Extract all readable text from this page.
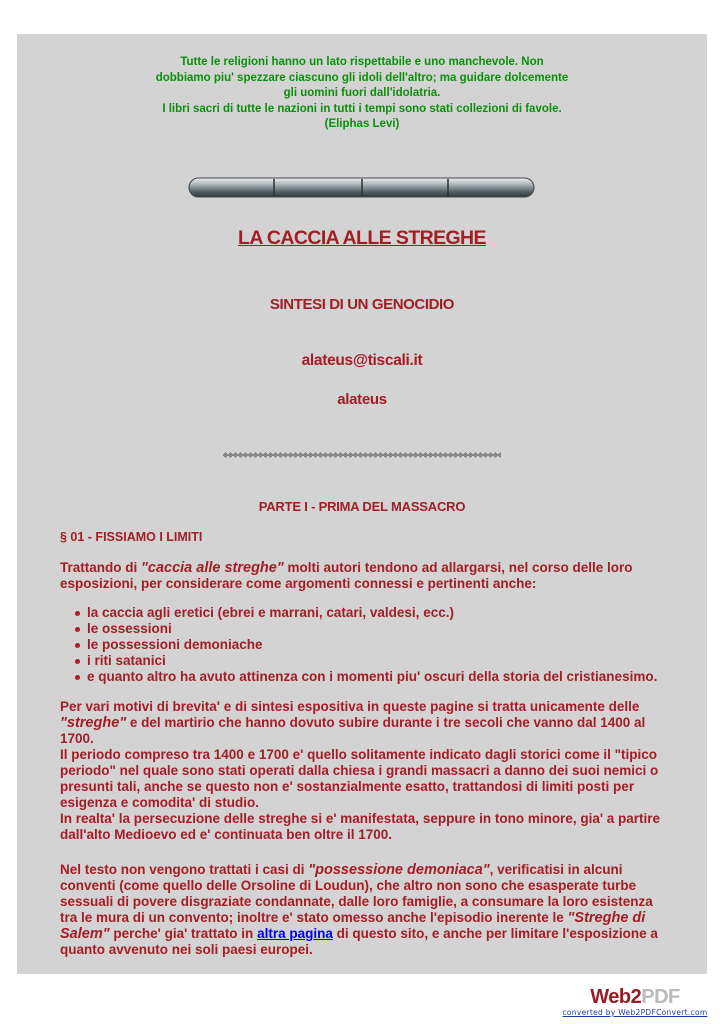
Tutte le religioni hanno un lato rispettabile e uno manchevole. Non
dobbiamo piu' spezzare ciascuno gli idoli dell'altro; ma guidare dolcemente
gli uomini fuori dall'idolatria.
I libri sacri di tutte le nazioni in tutti i tempi sono stati collezioni di favole.
(Eliphas Levi)
LA CACCIA ALLE STREGHE
SINTESI DI UN GENOCIDIO
alateus@tiscali.it
alateus
PARTE I - PRIMA DEL MASSACRO
§ 01 - FISSIAMO I LIMITI
Trattando di "caccia alle streghe" molti autori tendono ad allargarsi, nel corso delle loro
esposizioni, per considerare come argomenti connessi e pertinenti anche:
la caccia agli eretici (ebrei e marrani, catari, valdesi, ecc.)
le ossessioni
le possessioni demoniache
i riti satanici
e quanto altro ha avuto attinenza con i momenti piu' oscuri della storia del cristianesimo.
Per vari motivi di brevita' e di sintesi espositiva in queste pagine si tratta unicamente delle
"streghe" e del martirio che hanno dovuto subire durante i tre secoli che vanno dal 1400 al
1700.
Il periodo compreso tra 1400 e 1700 e' quello solitamente indicato dagli storici come il "tipico
periodo" nel quale sono stati operati dalla chiesa i grandi massacri a danno dei suoi nemici o
presunti tali, anche se questo non e' sostanzialmente esatto, trattandosi di limiti posti per
esigenza e comodita' di studio.
In realta' la persecuzione delle streghe si e' manifestata, seppure in tono minore, gia' a partire
dall'alto Medioevo ed e' continuata ben oltre il 1700.
Nel testo non vengono trattati i casi di "possessione demoniaca", verificatisi in alcuni
conventi (come quello delle Orsoline di Loudun), che altro non sono che esasperate turbe
sessuali di povere disgraziate condannate, dalle loro famiglie, a consumare la loro esistenza
tra le mura di un convento; inoltre e' stato omesso anche l'episodio inerente le "Streghe di
Salem" perche' gia' trattato in altra pagina di questo sito, e anche per limitare l'esposizione a
quanto avvenuto nei soli paesi europei.
Web2PDF
converted by Web2PDFConvert.com
